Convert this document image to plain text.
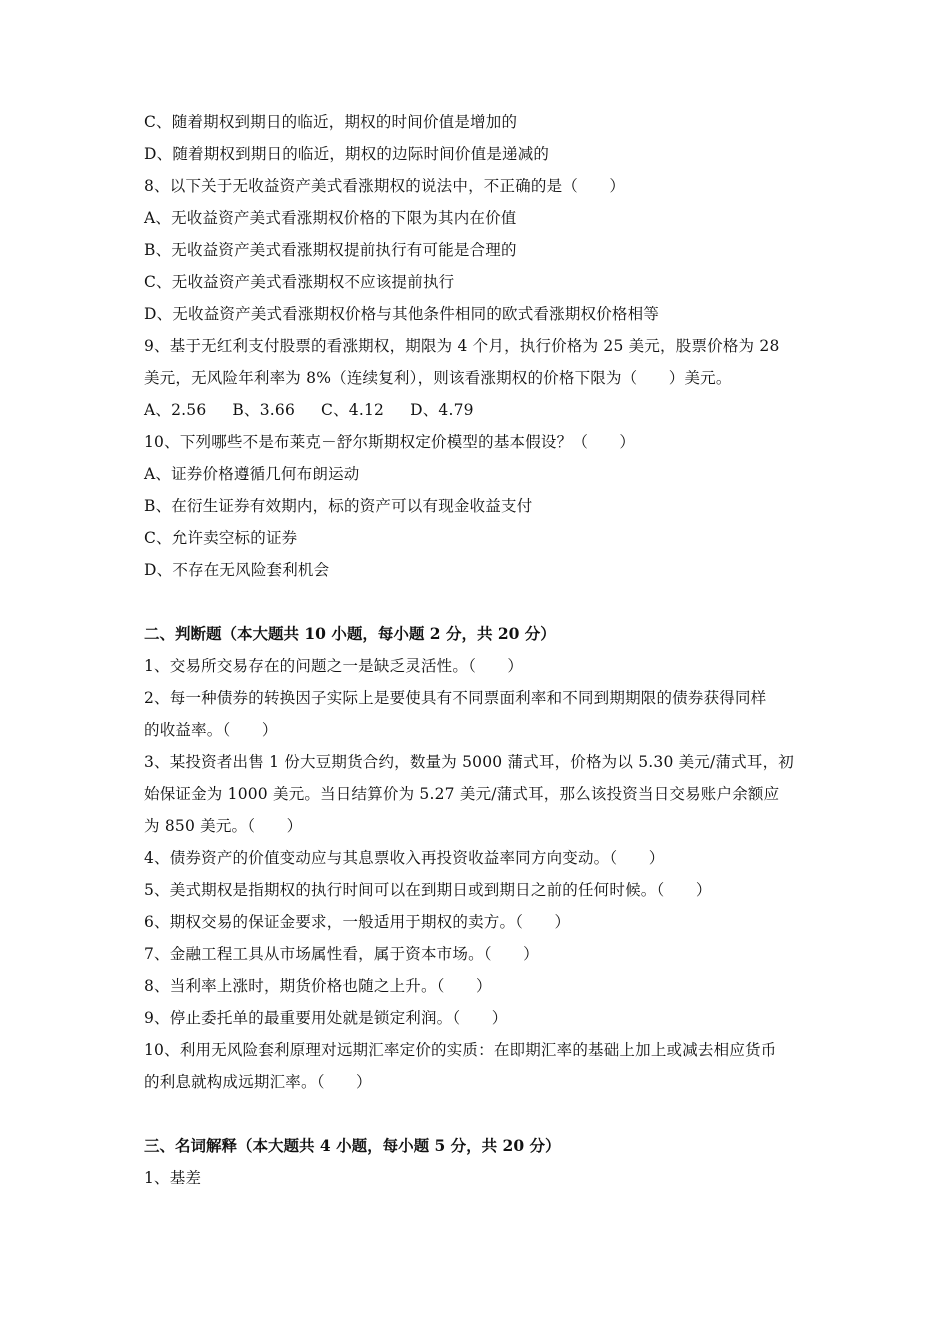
C、随着期权到期日的临近，期权的时间价值是增加的
D、随着期权到期日的临近，期权的边际时间价值是递减的
8、以下关于无收益资产美式看涨期权的说法中，不正确的是（　　）
A、无收益资产美式看涨期权价格的下限为其内在价值
B、无收益资产美式看涨期权提前执行有可能是合理的
C、无收益资产美式看涨期权不应该提前执行
D、无收益资产美式看涨期权价格与其他条件相同的欧式看涨期权价格相等
9、基于无红利支付股票的看涨期权，期限为 4 个月，执行价格为 25 美元，股票价格为 28
美元，无风险年利率为 8%（连续复利），则该看涨期权的价格下限为（　　）美元。
A、2.56 B、3.66 C、4.12 D、4.79
10、下列哪些不是布莱克－舒尔斯期权定价模型的基本假设？（　　）
A、证券价格遵循几何布朗运动
B、在衍生证券有效期内，标的资产可以有现金收益支付
C、允许卖空标的证券
D、不存在无风险套利机会
二、判断题（本大题共 10 小题，每小题 2 分，共 20 分）
1、交易所交易存在的问题之一是缺乏灵活性。（　　）
2、每一种债券的转换因子实际上是要使具有不同票面利率和不同到期期限的债券获得同样
的收益率。（　　）
3、某投资者出售 1 份大豆期货合约，数量为 5000 蒲式耳，价格为以 5.30 美元/蒲式耳，初
始保证金为 1000 美元。当日结算价为 5.27 美元/蒲式耳，那么该投资当日交易账户余额应
为 850 美元。（　　）
4、债券资产的价值变动应与其息票收入再投资收益率同方向变动。（　　）
5、美式期权是指期权的执行时间可以在到期日或到期日之前的任何时候。（　　）
6、期权交易的保证金要求，一般适用于期权的卖方。（　　）
7、金融工程工具从市场属性看，属于资本市场。（　　）
8、当利率上涨时，期货价格也随之上升。（　　）
9、停止委托单的最重要用处就是锁定利润。（　　）
10、利用无风险套利原理对远期汇率定价的实质：在即期汇率的基础上加上或减去相应货币
的利息就构成远期汇率。（　　）
三、名词解释（本大题共 4 小题，每小题 5 分，共 20 分）
1、基差
